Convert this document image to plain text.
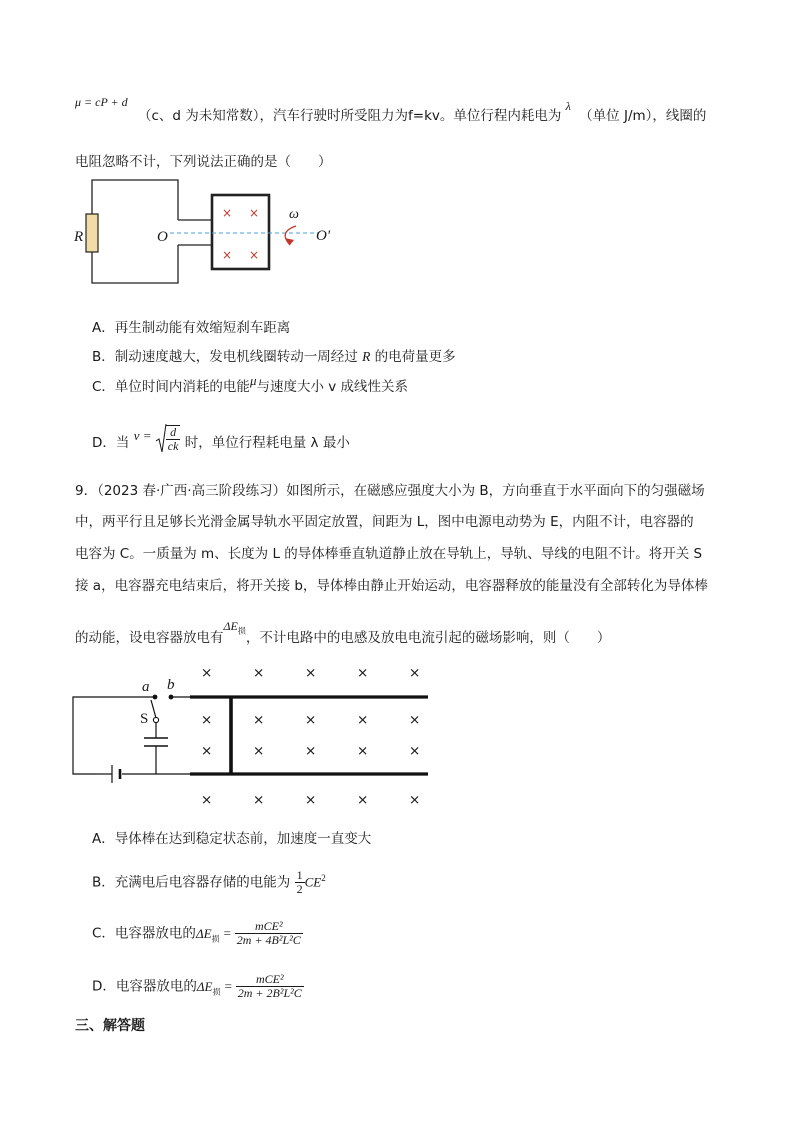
μ = cP + d （c、d 为未知常数），汽车行驶时所受阻力为f=kv。单位行程内耗电为 λ （单位 J/m），线圈的
电阻忽略不计，下列说法正确的是（　　）
× ×
× ×
R	O	O′
ω
A．再生制动能有效缩短刹车距离
B．制动速度越大，发电机线圈转动一周经过 R 的电荷量更多
C．单位时间内消耗的电能μ与速度大小 v 成线性关系
D．当 $v = \frac{d}{ck}$ 时，单位行程耗电量 λ 最小
9．（2023 春·广西·高三阶段练习）如图所示，在磁感应强度大小为 B，方向垂直于水平面向下的匀强磁场
中，两平行且足够长光滑金属导轨水平固定放置，间距为 L，图中电源电动势为 E，内阻不计，电容器的
电容为 C。一质量为 m、长度为 L 的导体棒垂直轨道静止放在导轨上，导轨、导线的电阻不计。将开关 S
接 a，电容器充电结束后，将开关接 b，导体棒由静止开始运动，电容器释放的能量没有全部转化为导体棒
的动能，设电容器放电有$\Delta E_损$，不计电路中的电感及放电电流引起的磁场影响，则（　　）
×	×	×	×	×
×	×	×	×	×
×	×	×	×	×
×	×	×	×	×
a b
S
A．导体棒在达到稳定状态前，加速度一直变大
B．充满电后电容器存储的电能为 $\frac{1}{2} CE^2$
C．电容器放电的$\Delta E_损 = \frac{\text{mCE²}}{\text{2m + 4B²L²C}}$
D．电容器放电的$\Delta E_损 = \frac{\text{mCE²}}{\text{2m + 2B²L²C}}$
三、解答题
